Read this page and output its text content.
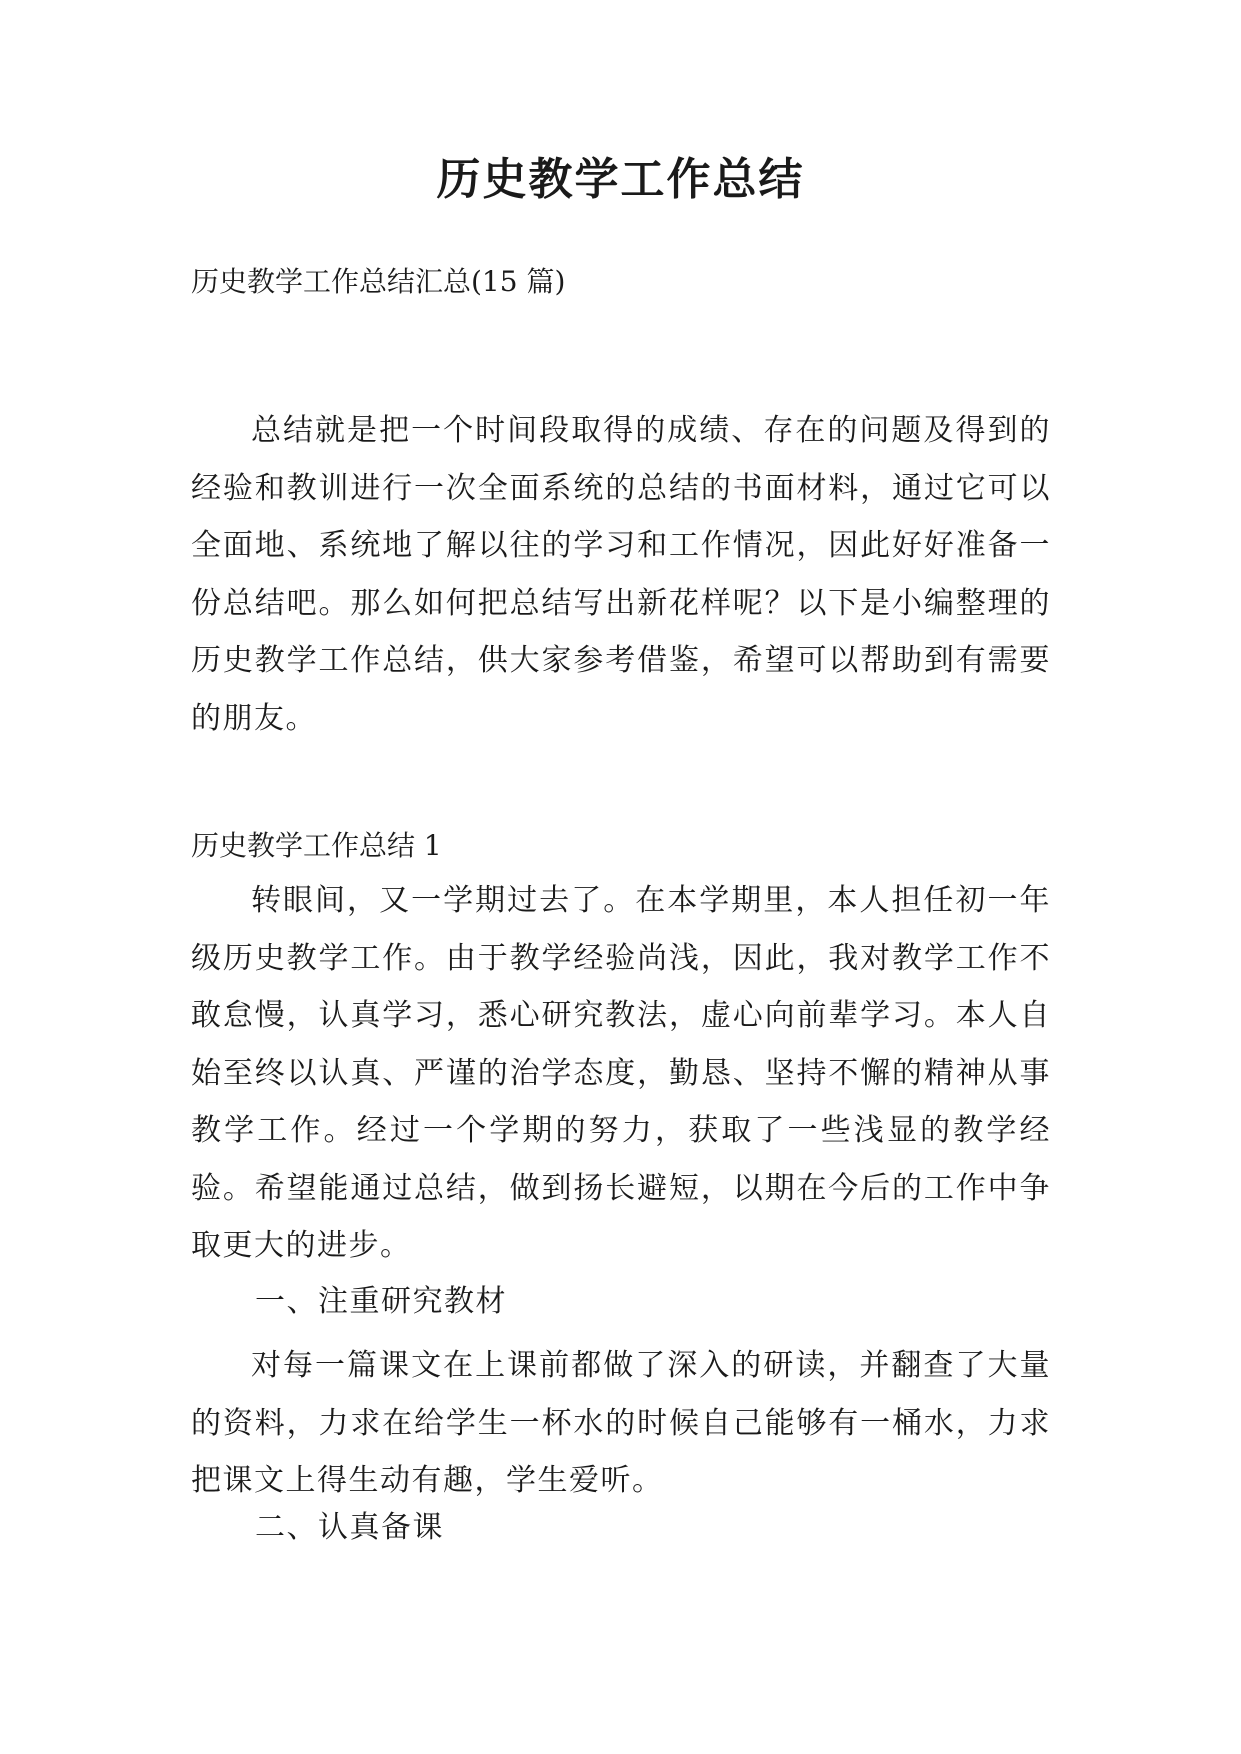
历史教学工作总结
历史教学工作总结汇总(15 篇)

总结就是把一个时间段取得的成绩、存在的问题及得到的经验和教训进行一次全面系统的总结的书面材料，通过它可以全面地、系统地了解以往的学习和工作情况，因此好好准备一份总结吧。那么如何把总结写出新花样呢？以下是小编整理的历史教学工作总结，供大家参考借鉴，希望可以帮助到有需要的朋友。

历史教学工作总结 1

转眼间，又一学期过去了。在本学期里，本人担任初一年级历史教学工作。由于教学经验尚浅，因此，我对教学工作不敢怠慢，认真学习，悉心研究教法，虚心向前辈学习。本人自始至终以认真、严谨的治学态度，勤恳、坚持不懈的精神从事教学工作。经过一个学期的努力，获取了一些浅显的教学经验。希望能通过总结，做到扬长避短，以期在今后的工作中争取更大的进步。

一、注重研究教材

对每一篇课文在上课前都做了深入的研读，并翻查了大量的资料，力求在给学生一杯水的时候自己能够有一桶水，力求把课文上得生动有趣，学生爱听。

二、认真备课
